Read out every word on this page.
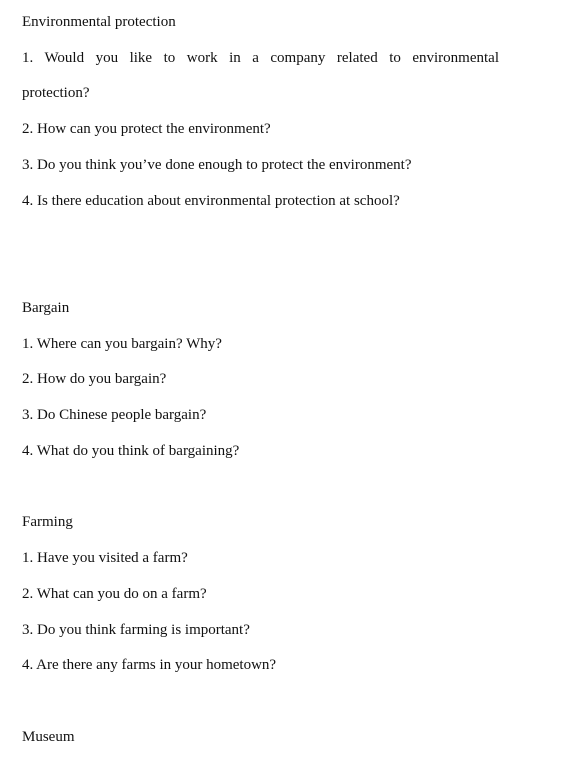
Environmental protection
1. Would you like to work in a company related to environmental
protection?
2. How can you protect the environment?
3. Do you think you’ve done enough to protect the environment?
4. Is there education about environmental protection at school?
Bargain
1. Where can you bargain? Why?
2. How do you bargain?
3. Do Chinese people bargain?
4. What do you think of bargaining?
Farming
1. Have you visited a farm?
2. What can you do on a farm?
3. Do you think farming is important?
4. Are there any farms in your hometown?
Museum
